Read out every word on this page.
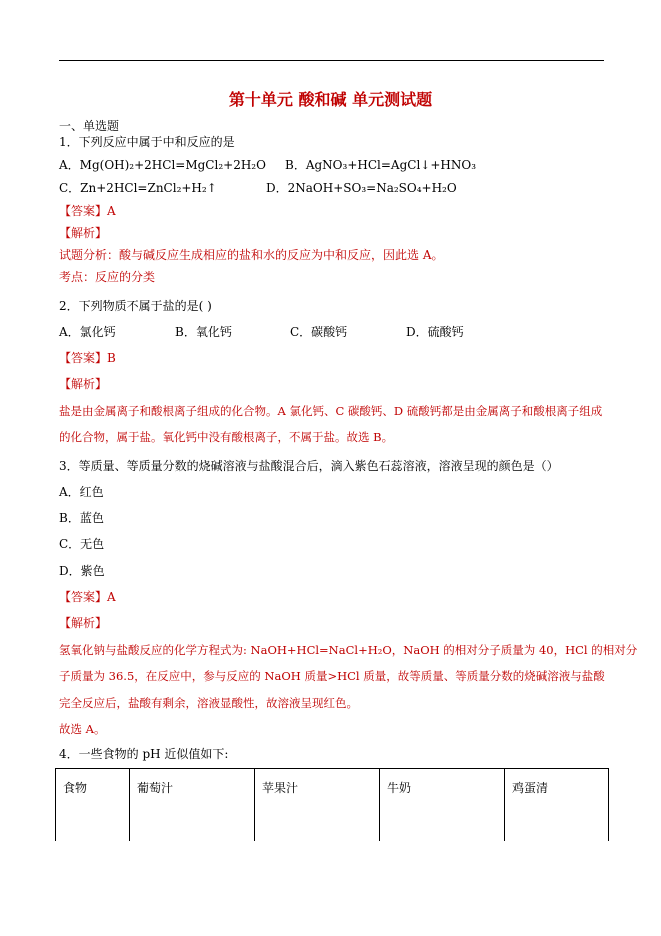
第十单元 酸和碱 单元测试题
一、单选题
1．下列反应中属于中和反应的是
A．Mg(OH)₂+2HCl=MgCl₂+2H₂O B．AgNO₃+HCl=AgCl↓+HNO₃
C．Zn+2HCl=ZnCl₂+H₂↑	D．2NaOH+SO₃=Na₂SO₄+H₂O
【答案】A
【解析】
试题分析：酸与碱反应生成相应的盐和水的反应为中和反应，因此选 A。
考点：反应的分类
2．下列物质不属于盐的是( )
A．氯化钙	B．氧化钙	C．碳酸钙	D．硫酸钙
【答案】B
【解析】
盐是由金属离子和酸根离子组成的化合物。A 氯化钙、C 碳酸钙、D 硫酸钙都是由金属离子和酸根离子组成
的化合物，属于盐。氧化钙中没有酸根离子，不属于盐。故选 B。
3．等质量、等质量分数的烧碱溶液与盐酸混合后，滴入紫色石蕊溶液，溶液呈现的颜色是（）
A．红色
B．蓝色
C．无色
D．紫色
【答案】A
【解析】
氢氧化钠与盐酸反应的化学方程式为: NaOH+HCl=NaCl+H₂O，NaOH 的相对分子质量为 40，HCl 的相对分
子质量为 36.5，在反应中，参与反应的 NaOH 质量>HCl 质量，故等质量、等质量分数的烧碱溶液与盐酸
完全反应后，盐酸有剩余，溶液显酸性，故溶液呈现红色。
故选 A。
4．一些食物的 pH 近似值如下:
食物	葡萄汁	苹果汁	牛奶	鸡蛋清
